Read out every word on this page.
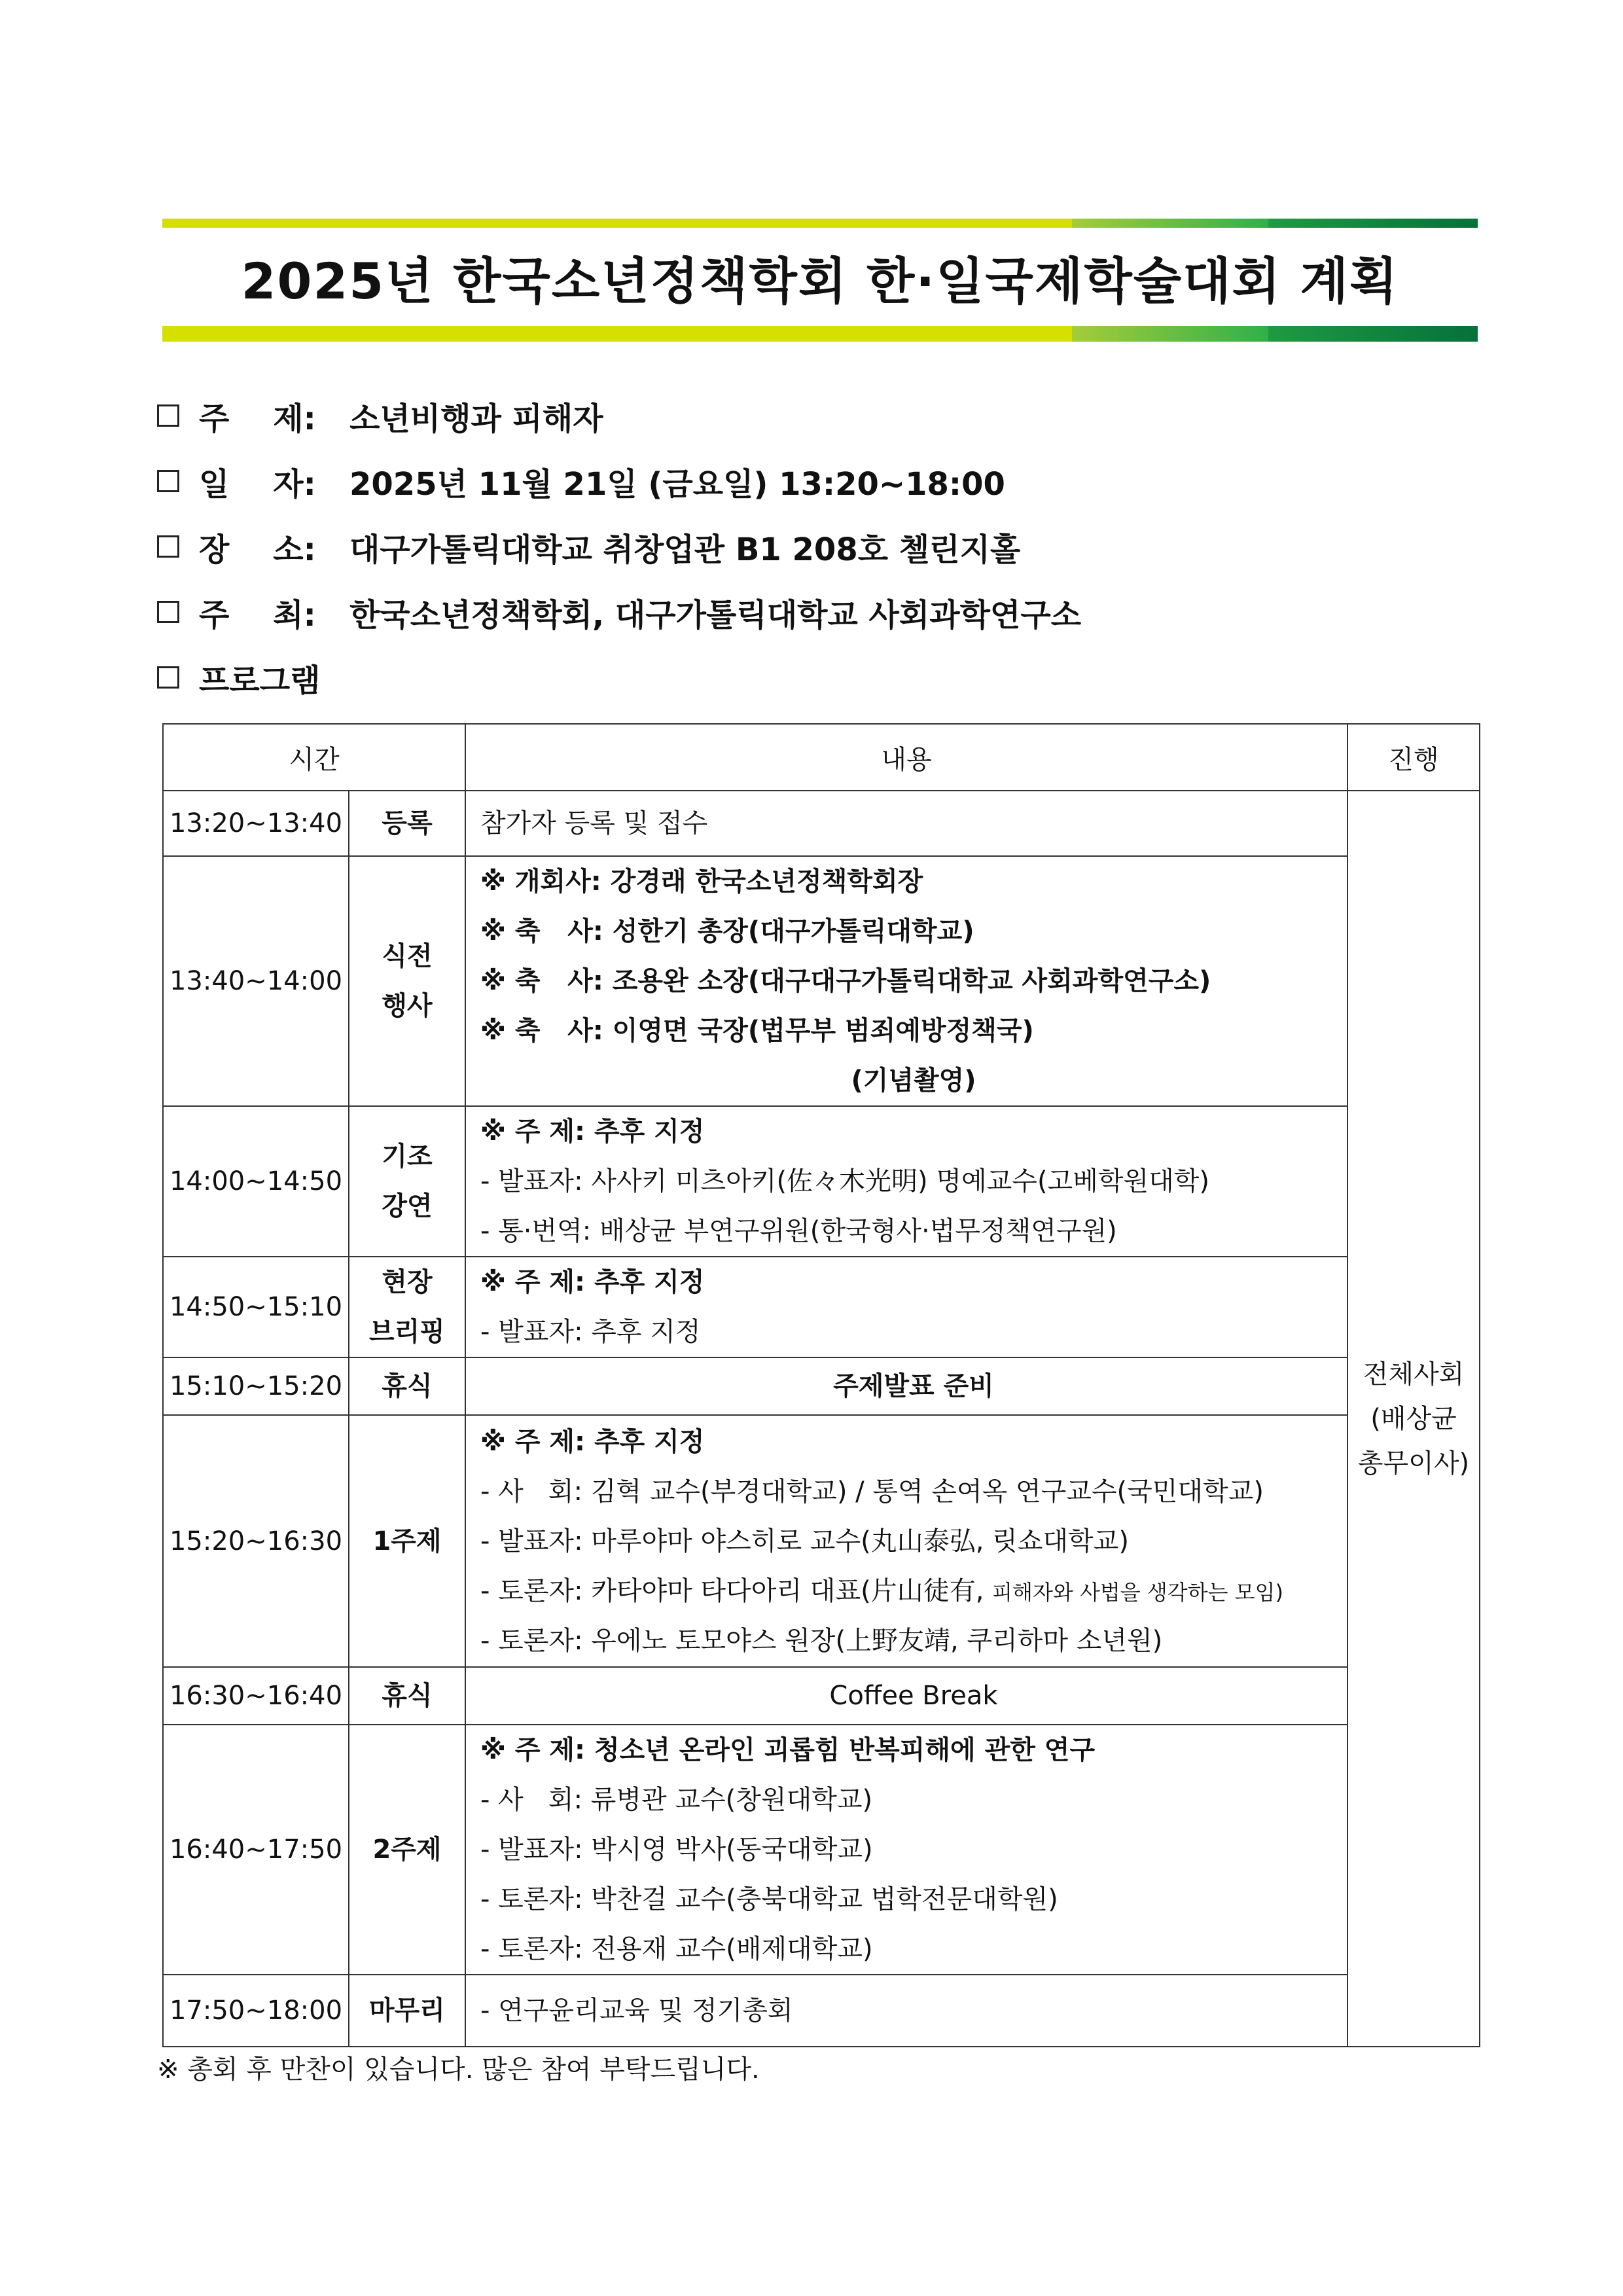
2025년 한국소년정책학회 한·일국제학술대회 계획
주    제:	소년비행과 피해자
일    자:	2025년 11월 21일 (금요일) 13:20~18:00
장    소:	대구가톨릭대학교 취창업관 B1 208호 첼린지홀
주    최:	한국소년정책학회, 대구가톨릭대학교 사회과학연구소
프로그램
시간		내용	진행
13:20~13:40	등록	참가자 등록 및 접수	전체사회
(배상균
총무이사)

13:40~14:00	식전
행사	※ 개회사: 강경래 한국소년정책학회장
※ 축   사: 성한기 총장(대구가톨릭대학교)
※ 축   사: 조용완 소장(대구대구가톨릭대학교 사회과학연구소)
※ 축   사: 이영면 국장(법무부 범죄예방정책국)
(기념촬영)	

14:00~14:50	기조
강연	※ 주 제: 추후 지정
- 발표자: 사사키 미츠아키(佐々木光明) 명예교수(고베학원대학)
- 통·번역: 배상균 부연구위원(한국형사·법무정책연구원)	

14:50~15:10	현장
브리핑	※ 주 제: 추후 지정
- 발표자: 추후 지정	

15:10~15:20	휴식	주제발표 준비	

15:20~16:30	1주제	※ 주 제: 추후 지정
- 사   회: 김혁 교수(부경대학교) / 통역 손여옥 연구교수(국민대학교)
- 발표자: 마루야마 야스히로 교수(丸山泰弘, 릿쇼대학교)
- 토론자: 카타야마 타다아리 대표(片山徒有, 피해자와 사법을 생각하는 모임)
- 토론자: 우에노 토모야스 원장(上野友靖, 쿠리하마 소년원)	

16:30~16:40	휴식	Coffee Break	

16:40~17:50	2주제	※ 주 제: 청소년 온라인 괴롭힘 반복피해에 관한 연구
- 사   회: 류병관 교수(창원대학교)
- 발표자: 박시영 박사(동국대학교)
- 토론자: 박찬걸 교수(충북대학교 법학전문대학원)
- 토론자: 전용재 교수(배제대학교)	

17:50~18:00	마무리	- 연구윤리교육 및 정기총회	
※ 총회 후 만찬이 있습니다. 많은 참여 부탁드립니다.
